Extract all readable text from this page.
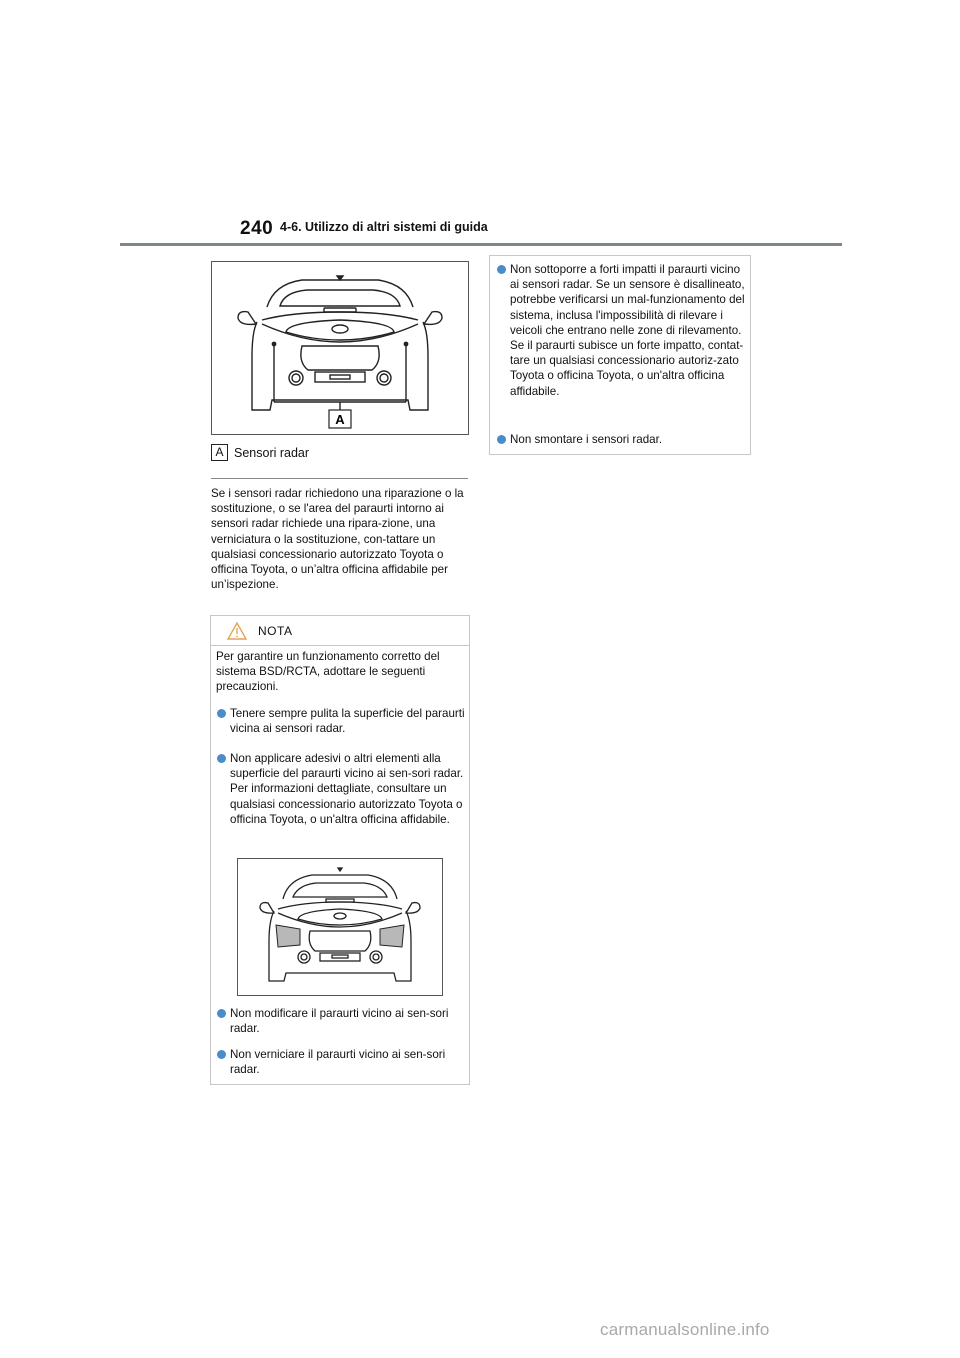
240 4-6. Utilizzo di altri sistemi di guida
A
A Sensori radar
Se i sensori radar richiedono una riparazione o la sostituzione, o se l'area del paraurti intorno ai sensori radar richiede una ripara-zione, una verniciatura o la sostituzione, con-tattare un qualsiasi concessionario autorizzato Toyota o officina Toyota, o un’altra officina affidabile per un’ispezione.
NOTA
Per garantire un funzionamento corretto del sistema BSD/RCTA, adottare le seguenti precauzioni.
Tenere sempre pulita la superficie del paraurti vicina ai sensori radar.
Non applicare adesivi o altri elementi alla superficie del paraurti vicino ai sen-sori radar. Per informazioni dettagliate, consultare un qualsiasi concessionario autorizzato Toyota o officina Toyota, o un'altra officina affidabile.
Non modificare il paraurti vicino ai sen-sori radar.
Non verniciare il paraurti vicino ai sen-sori radar.
Non sottoporre a forti impatti il paraurti vicino ai sensori radar. Se un sensore è disallineato, potrebbe verificarsi un mal-funzionamento del sistema, inclusa l'impossibilità di rilevare i veicoli che entrano nelle zone di rilevamento. Se il paraurti subisce un forte impatto, contat-tare un qualsiasi concessionario autoriz-zato Toyota o officina Toyota, o un'altra officina affidabile.
Non smontare i sensori radar.
carmanualsonline.info
